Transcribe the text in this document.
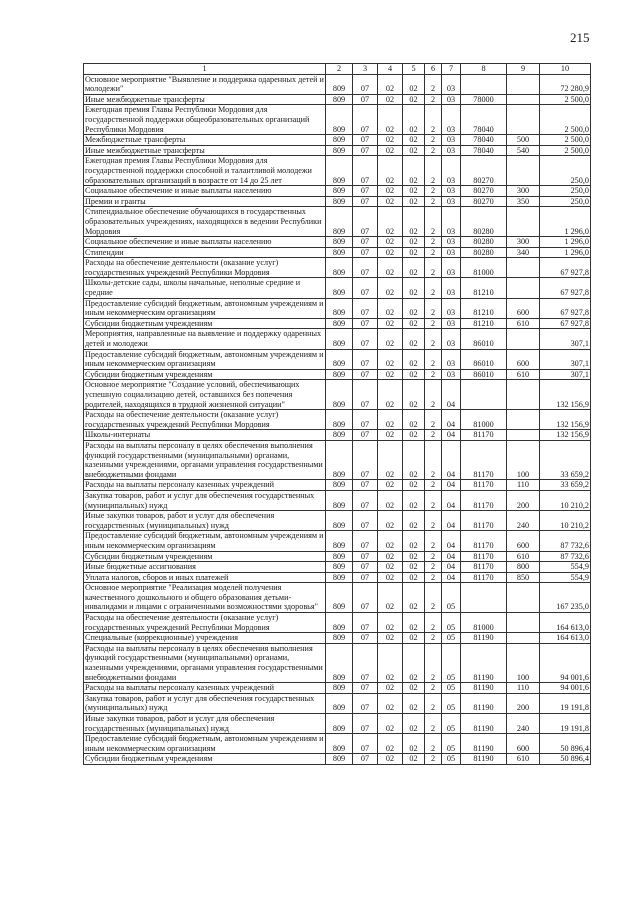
215
1	2	3	4	5	6	7	8	9	10
Основное мероприятие "Выявление и поддержка одаренных детей и молодежи"	809	07	02	02	2	03			72 280,9
Иные межбюджетные трансферты	809	07	02	02	2	03	78000		2 500,0
Ежегодная премия Главы Республики Мордовия для государственной поддержки общеобразовательных организаций Республики Мордовия	809	07	02	02	2	03	78040		2 500,0
Межбюджетные трансферты	809	07	02	02	2	03	78040	500	2 500,0
Иные межбюджетные трансферты	809	07	02	02	2	03	78040	540	2 500,0
Ежегодная премия Главы Республики Мордовия для государственной поддержки способной и талантливой молодежи образовательных организаций в возрасте от 14 до 25 лет	809	07	02	02	2	03	80270		250,0
Социальное обеспечение и иные выплаты населению	809	07	02	02	2	03	80270	300	250,0
Премии и гранты	809	07	02	02	2	03	80270	350	250,0
Стипендиальное обеспечение обучающихся в государственных образовательных учреждениях, находящихся в ведении Республики Мордовия	809	07	02	02	2	03	80280		1 296,0
Социальное обеспечение и иные выплаты населению	809	07	02	02	2	03	80280	300	1 296,0
Стипендии	809	07	02	02	2	03	80280	340	1 296,0
Расходы на обеспечение деятельности (оказание услуг) государственных учреждений Республики Мордовия	809	07	02	02	2	03	81000		67 927,8
Школы-детские сады, школы начальные, неполные средние и средние	809	07	02	02	2	03	81210		67 927,8
Предоставление субсидий бюджетным, автономным учреждениям и иным некоммерческим организациям	809	07	02	02	2	03	81210	600	67 927,8
Субсидии бюджетным учреждениям	809	07	02	02	2	03	81210	610	67 927,8
Мероприятия, направленные на выявление и поддержку одаренных детей и молодежи	809	07	02	02	2	03	86010		307,1
Предоставление субсидий бюджетным, автономным учреждениям и иным некоммерческим организациям	809	07	02	02	2	03	86010	600	307,1
Субсидии бюджетным учреждениям	809	07	02	02	2	03	86010	610	307,1
Основное мероприятие "Создание условий, обеспечивающих успешную социализацию детей, оставшихся без попечения родителей, находящихся в трудной жизненной ситуации"	809	07	02	02	2	04			132 156,9
Расходы на обеспечение деятельности (оказание услуг) государственных учреждений Республики Мордовия	809	07	02	02	2	04	81000		132 156,9
Школы-интернаты	809	07	02	02	2	04	81170		132 156,9
Расходы на выплаты персоналу в целях обеспечения выполнения функций государственными (муниципальными) органами, казенными учреждениями, органами управления государственными внебюджетными фондами	809	07	02	02	2	04	81170	100	33 659,2
Расходы на выплаты персоналу казенных учреждений	809	07	02	02	2	04	81170	110	33 659,2
Закупка товаров, работ и услуг для обеспечения государственных (муниципальных) нужд	809	07	02	02	2	04	81170	200	10 210,2
Иные закупки товаров, работ и услуг для обеспечения государственных (муниципальных) нужд	809	07	02	02	2	04	81170	240	10 210,2
Предоставление субсидий бюджетным, автономным учреждениям и иным некоммерческим организациям	809	07	02	02	2	04	81170	600	87 732,6
Субсидии бюджетным учреждениям	809	07	02	02	2	04	81170	610	87 732,6
Иные бюджетные ассигнования	809	07	02	02	2	04	81170	800	554,9
Уплата налогов, сборов и иных платежей	809	07	02	02	2	04	81170	850	554,9
Основное мероприятие "Реализация моделей получения качественного дошкольного и общего образования детьми-инвалидами и лицами с ограниченными возможностями здоровья"	809	07	02	02	2	05			167 235,0
Расходы на обеспечение деятельности (оказание услуг) государственных учреждений Республики Мордовия	809	07	02	02	2	05	81000		164 613,0
Специальные (коррекционные) учреждения	809	07	02	02	2	05	81190		164 613,0
Расходы на выплаты персоналу в целях обеспечения выполнения функций государственными (муниципальными) органами, казенными учреждениями, органами управления государственными внебюджетными фондами	809	07	02	02	2	05	81190	100	94 001,6
Расходы на выплаты персоналу казенных учреждений	809	07	02	02	2	05	81190	110	94 001,6
Закупка товаров, работ и услуг для обеспечения государственных (муниципальных) нужд	809	07	02	02	2	05	81190	200	19 191,8
Иные закупки товаров, работ и услуг для обеспечения государственных (муниципальных) нужд	809	07	02	02	2	05	81190	240	19 191,8
Предоставление субсидий бюджетным, автономным учреждениям и иным некоммерческим организациям	809	07	02	02	2	05	81190	600	50 896,4
Субсидии бюджетным учреждениям	809	07	02	02	2	05	81190	610	50 896,4
